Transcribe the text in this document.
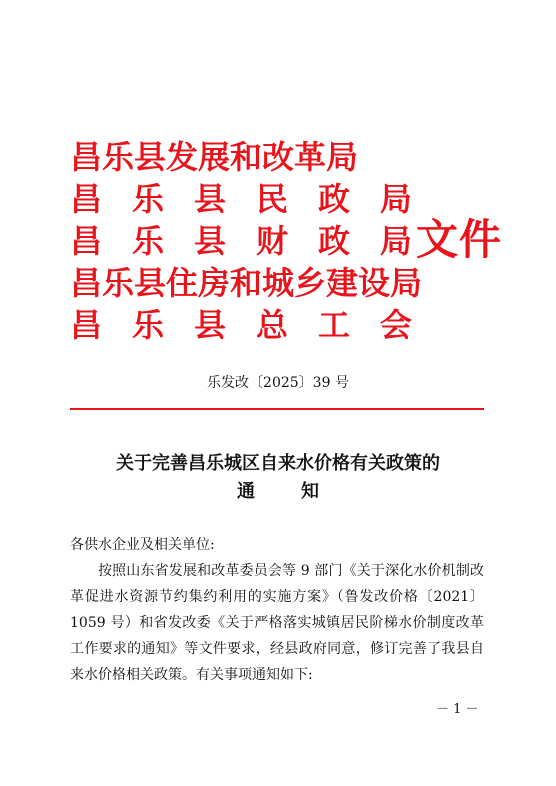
昌乐县发展和改革局
昌 乐 县 民 政 局
昌 乐 县 财 政 局
昌乐县住房和城乡建设局
昌 乐 县 总 工 会
文件
乐发改〔2025〕39 号
关于完善昌乐城区自来水价格有关政策的
通	知
各供水企业及相关单位:
按照山东省发展和改革委员会等 9 部门《关于深化水价机制改革促进水资源节约集约利用的实施方案》（鲁发改价格〔2021〕1059 号）和省发改委《关于严格落实城镇居民阶梯水价制度改革工作要求的通知》等文件要求，经县政府同意，修订完善了我县自来水价格相关政策。有关事项通知如下:
－ 1 －
